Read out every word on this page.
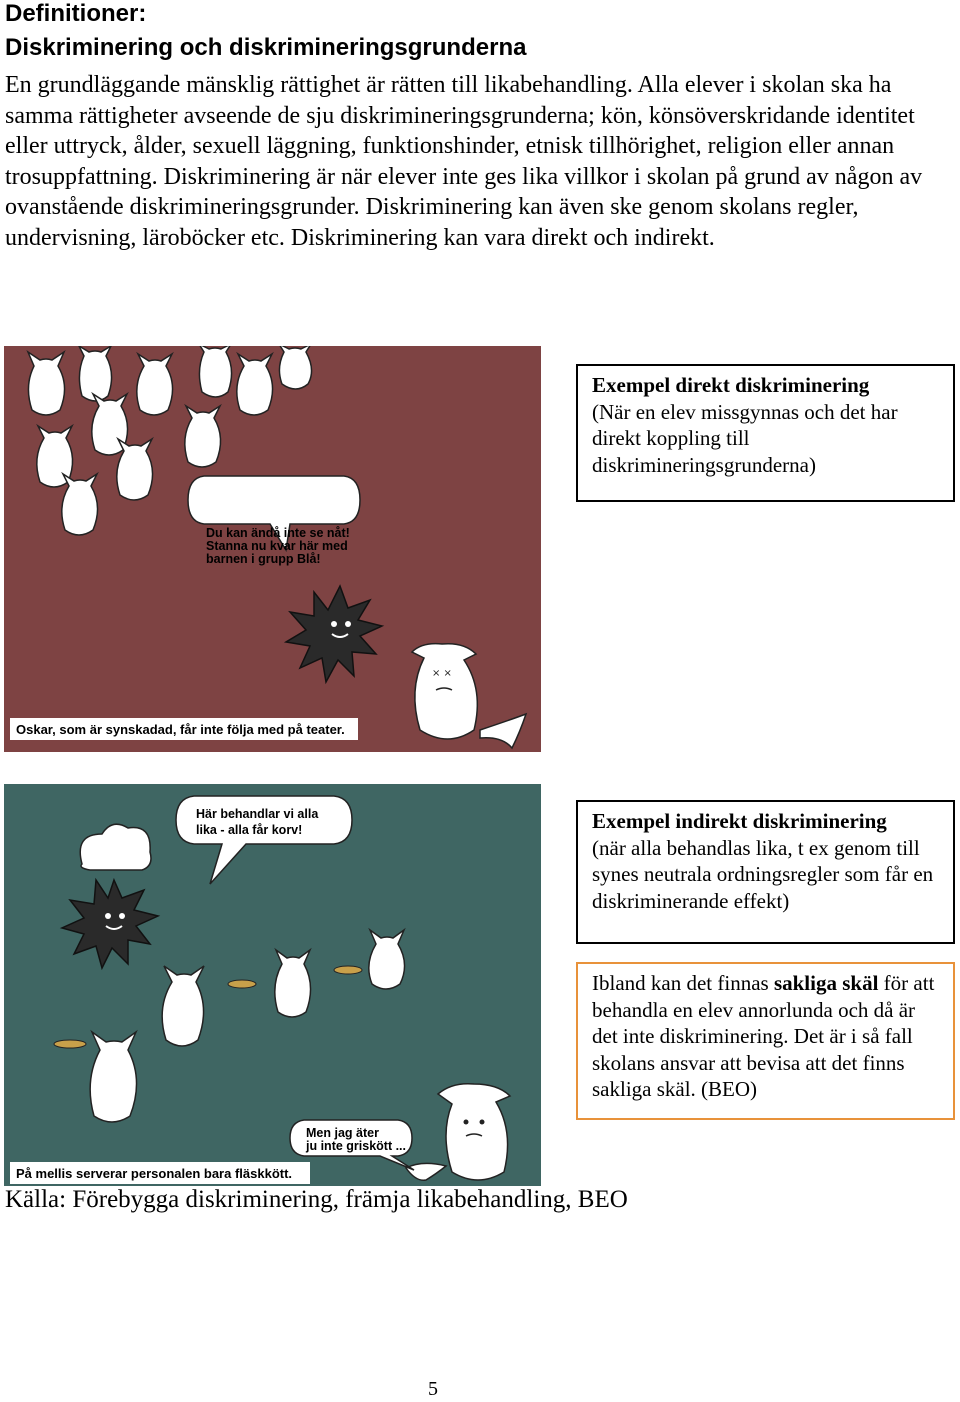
Definitioner:
Diskriminering och diskrimineringsgrunderna

En grundläggande mänsklig rättighet är rätten till likabehandling. Alla elever i skolan ska ha samma rättigheter avseende de sju diskrimineringsgrunderna; kön, könsöverskridande identitet eller uttryck, ålder, sexuell läggning, funktionshinder, etnisk tillhörighet, religion eller annan trosuppfattning. Diskriminering är när elever inte ges lika villkor i skolan på grund av någon av ovanstående diskrimineringsgrunder. Diskriminering kan även ske genom skolans regler, undervisning, läroböcker etc. Diskriminering kan vara direkt och indirekt.

Du kan ändå inte se nåt!
Stanna nu kvar här med
barnen i grupp Blå!
× ×
Oskar, som är synskadad, får inte följa med på teater.
Exempel direkt diskriminering
(När en elev missgynnas och det har direkt koppling till diskrimineringsgrunderna)
Här behandlar vi alla
lika - alla får korv!
Men jag äter
ju inte griskött ...
På mellis serverar personalen bara fläskkött.
Exempel indirekt diskriminering
(när alla behandlas lika, t ex genom till synes neutrala ordningsregler som får en diskriminerande effekt)
Ibland kan det finnas sakliga skäl för att behandla en elev annorlunda och då är det inte diskriminering. Det är i så fall skolans ansvar att bevisa att det finns sakliga skäl. (BEO)
Källa: Förebygga diskriminering, främja likabehandling, BEO
5
